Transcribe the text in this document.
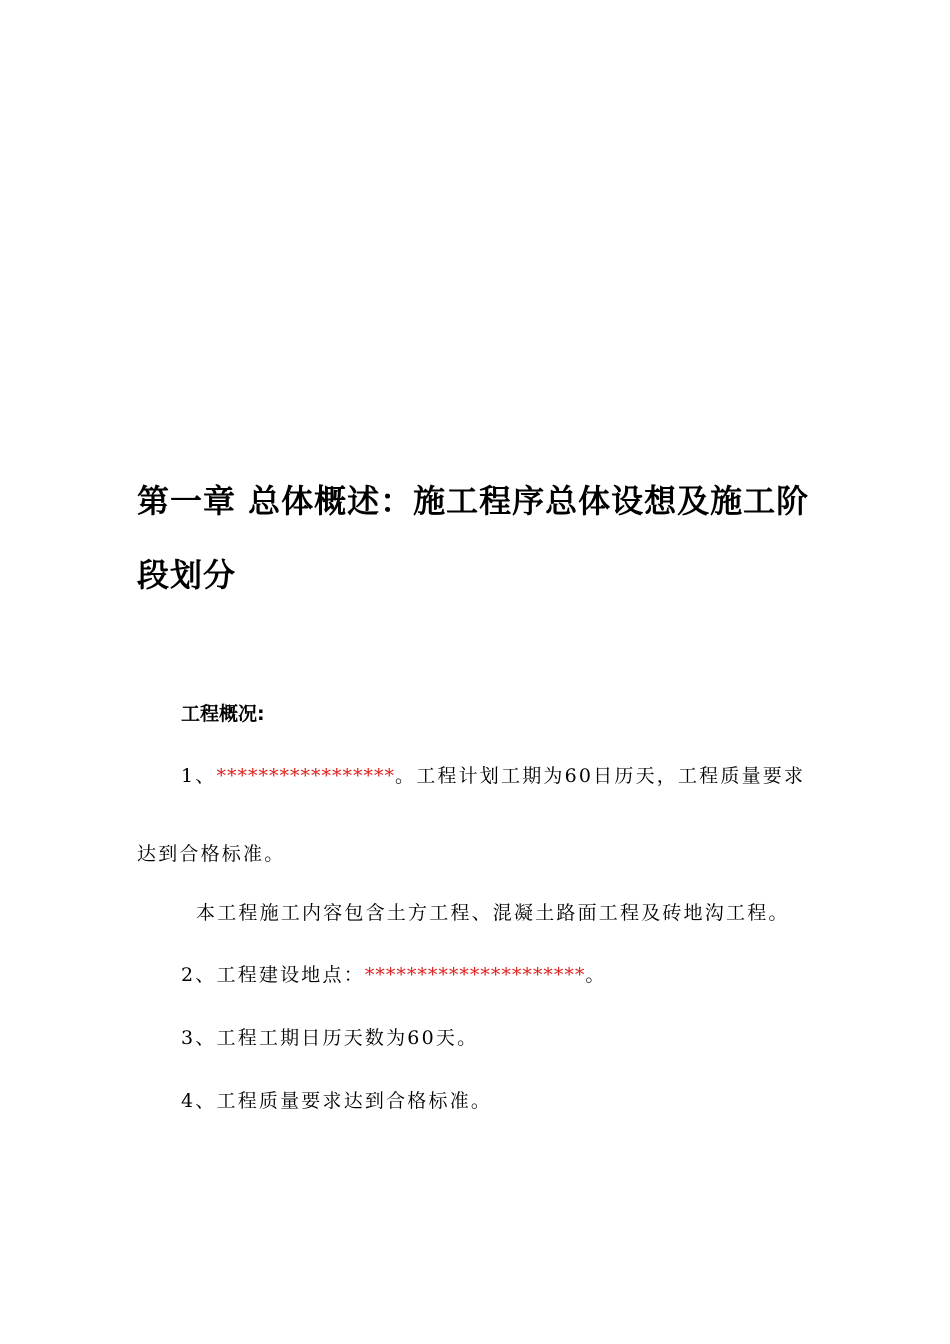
第一章 总体概述：施工程序总体设想及施工阶
段划分
工程概况:
1、*****************。工程计划工期为60日历天，工程质量要求
达到合格标准。
本工程施工内容包含土方工程、混凝土路面工程及砖地沟工程。
2、工程建设地点：*********************。
3、工程工期日历天数为60天。
4、工程质量要求达到合格标准。
